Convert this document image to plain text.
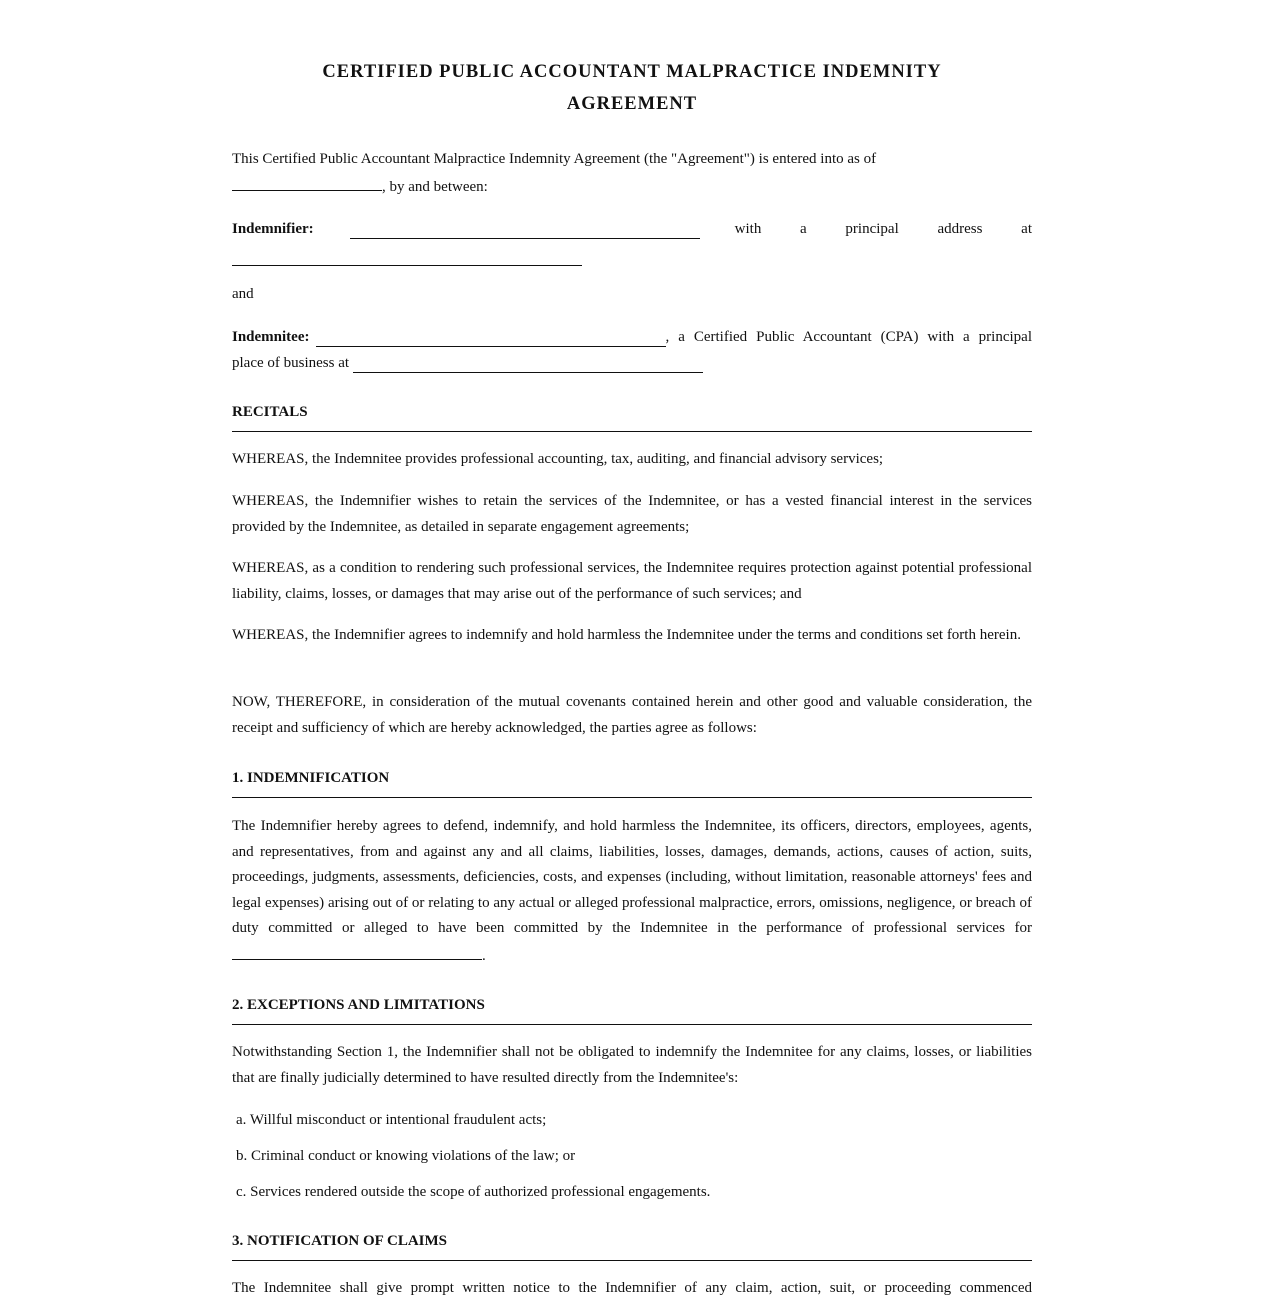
CERTIFIED PUBLIC ACCOUNTANT MALPRACTICE INDEMNITY
AGREEMENT
This Certified Public Accountant Malpractice Indemnity Agreement (the "Agreement") is entered into as of
, by and between:
Indemnifier:	with	a	principal	address	at
and
Indemnitee:	, a Certified Public Accountant (CPA) with a principal
place of business at
RECITALS
WHEREAS, the Indemnitee provides professional accounting, tax, auditing, and financial advisory services;
WHEREAS, the Indemnifier wishes to retain the services of the Indemnitee, or has a vested financial interest in the services provided by the Indemnitee, as detailed in separate engagement agreements;
WHEREAS, as a condition to rendering such professional services, the Indemnitee requires protection against potential professional liability, claims, losses, or damages that may arise out of the performance of such services; and
WHEREAS, the Indemnifier agrees to indemnify and hold harmless the Indemnitee under the terms and conditions set forth herein.
NOW, THEREFORE, in consideration of the mutual covenants contained herein and other good and valuable consideration, the receipt and sufficiency of which are hereby acknowledged, the parties agree as follows:
1. INDEMNIFICATION
The Indemnifier hereby agrees to defend, indemnify, and hold harmless the Indemnitee, its officers, directors, employees, agents, and representatives, from and against any and all claims, liabilities, losses, damages, demands, actions, causes of action, suits, proceedings, judgments, assessments, deficiencies, costs, and expenses (including, without limitation, reasonable attorneys' fees and legal expenses) arising out of or relating to any actual or alleged professional malpractice, errors, omissions, negligence, or breach of duty committed or alleged to have been committed by the Indemnitee in the performance of professional services for .
2. EXCEPTIONS AND LIMITATIONS
Notwithstanding Section 1, the Indemnifier shall not be obligated to indemnify the Indemnitee for any claims, losses, or liabilities that are finally judicially determined to have resulted directly from the Indemnitee's:
a. Willful misconduct or intentional fraudulent acts;
b. Criminal conduct or knowing violations of the law; or
c. Services rendered outside the scope of authorized professional engagements.
3. NOTIFICATION OF CLAIMS
The Indemnitee shall give prompt written notice to the Indemnifier of any claim, action, suit, or proceeding commenced
